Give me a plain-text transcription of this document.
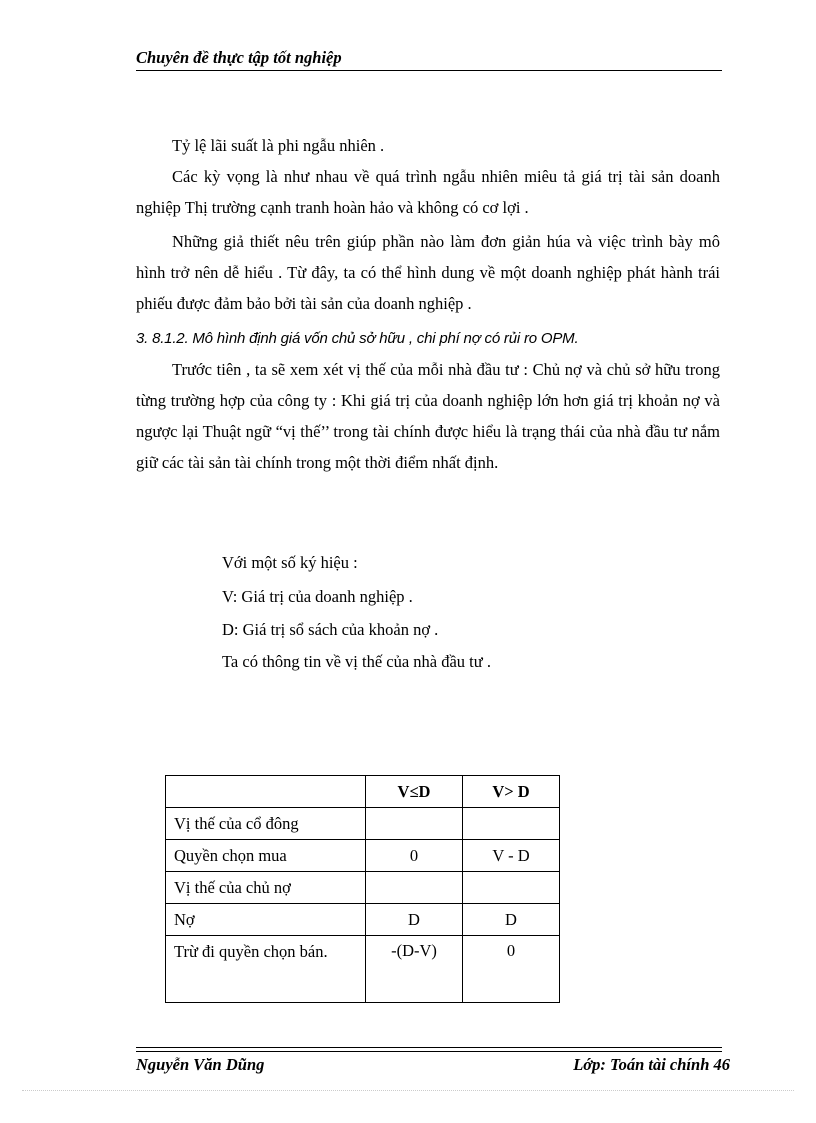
Chuyên đề thực tập tốt nghiệp
Tỷ lệ lãi suất là phi ngẫu nhiên .
Các kỳ vọng là như nhau về quá trình ngẫu nhiên miêu tả giá trị tài sản doanh nghiệp Thị trường cạnh tranh hoàn hảo và không có cơ lợi .
Những giả thiết nêu trên giúp phần nào làm đơn giản húa và việc trình bày mô hình trở nên dễ hiểu . Từ đây, ta có thể hình dung về một doanh nghiệp phát hành trái phiếu được đảm bảo bởi tài sản của doanh nghiệp .
3. 8.1.2. Mô hình định giá vốn chủ sở hữu , chi phí nợ có rủi ro OPM.
Trước tiên , ta sẽ xem xét vị thế của mỗi nhà đầu tư : Chủ nợ và chủ sở hữu trong từng trường hợp của công ty : Khi giá trị của doanh nghiệp lớn hơn giá trị khoản nợ và ngược lại Thuật ngữ “vị thế’’ trong tài chính được hiểu là trạng thái của nhà đầu tư nắm giữ các tài sản tài chính trong một thời điểm nhất định.
Với một số ký hiệu :
V: Giá trị của doanh nghiệp .
D: Giá trị sổ sách của khoản nợ .
Ta có thông tin về vị thế của nhà đầu tư .
	V≤D	V> D
Vị thế của cổ đông		
Quyền chọn mua	0	V - D
Vị thế của chủ nợ		
Nợ	D	D
Trừ đi quyền chọn bán.	-(D-V)	0
Nguyễn Văn Dũng	Lớp: Toán tài chính 46
